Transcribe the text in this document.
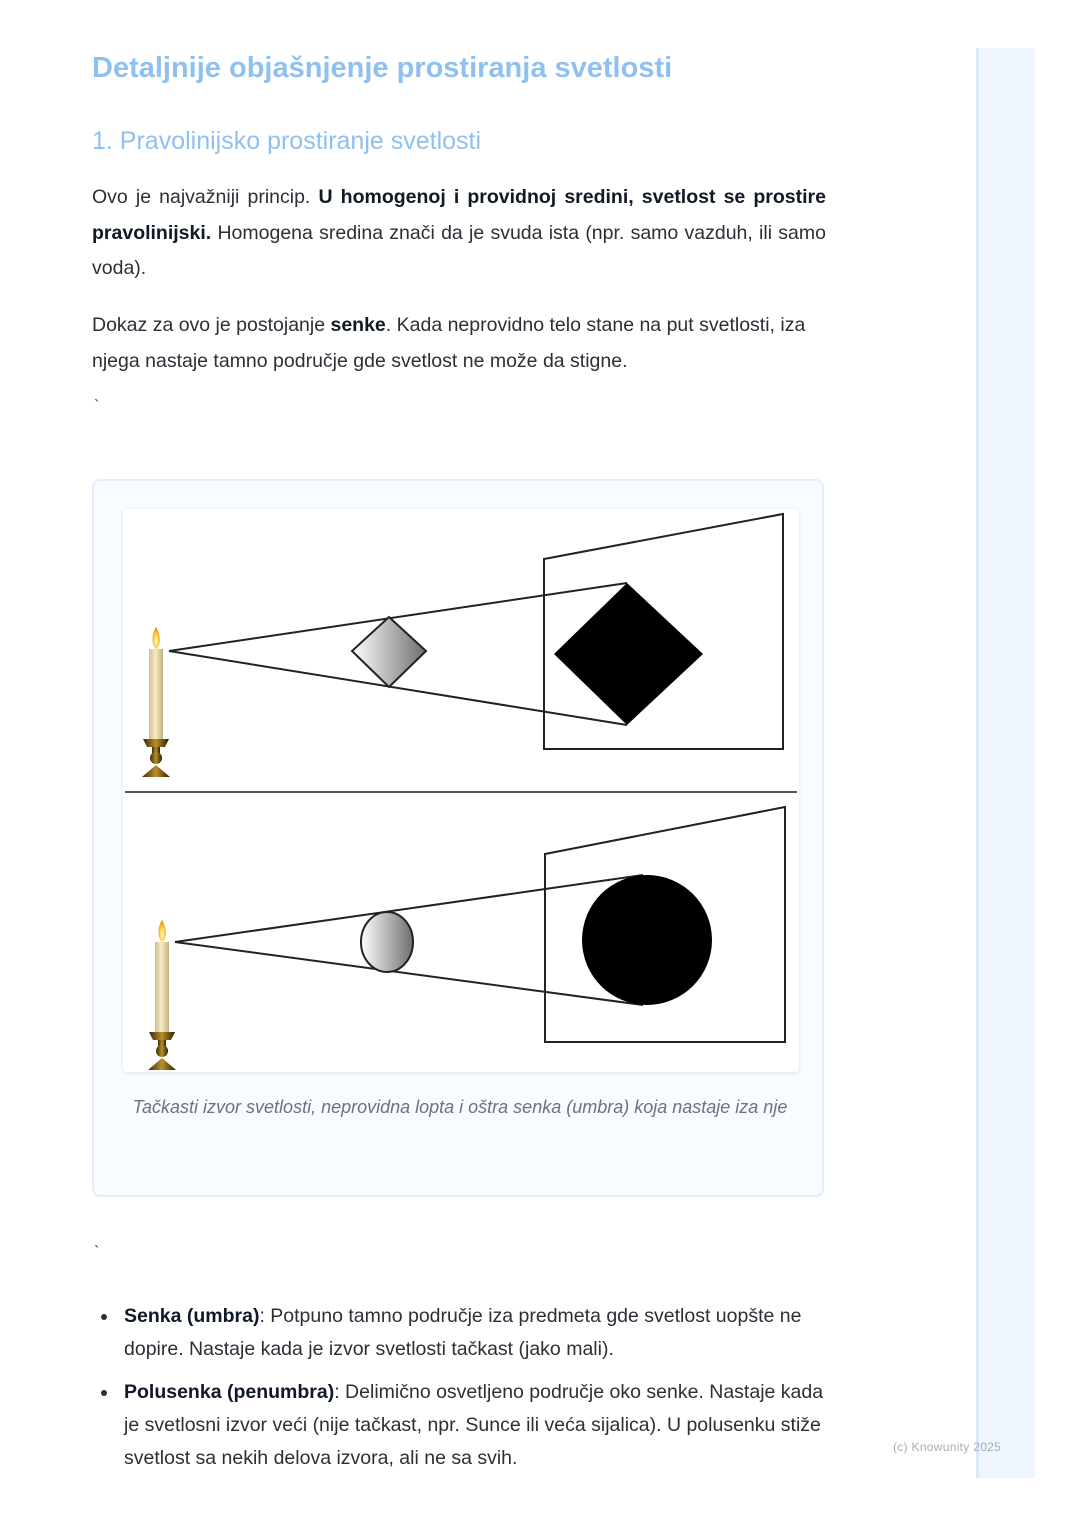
(c) Knowunity 2025
Detaljnije objašnjenje prostiranja svetlosti
1. Pravolinijsko prostiranje svetlosti

Ovo je najvažniji princip. U homogenoj i providnoj sredini, svetlost se prostire pravolinijski. Homogena sredina znači da je svuda ista (npr. samo vazduh, ili samo voda).

Dokaz za ovo je postojanje senke. Kada neprovidno telo stane na put svetlosti, iza njega nastaje tamno područje gde svetlost ne može da stigne.

`
Tačkasti izvor svetlosti, neprovidna lopta i oštra senka (umbra) koja nastaje iza nje
`
Senka (umbra): Potpuno tamno područje iza predmeta gde svetlost uopšte ne dopire. Nastaje kada je izvor svetlosti tačkast (jako mali).
Polusenka (penumbra): Delimično osvetljeno područje oko senke. Nastaje kada je svetlosni izvor veći (nije tačkast, npr. Sunce ili veća sijalica). U polusenku stiže svetlost sa nekih delova izvora, ali ne sa svih.
